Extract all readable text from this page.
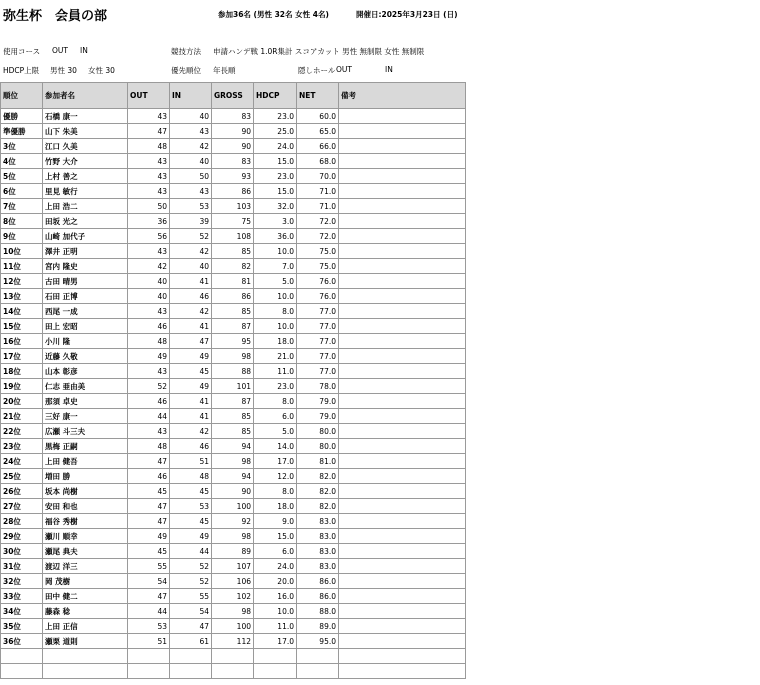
弥生杯　会員の部	参加36名 (男性 32名 女性 4名)	開催日:2025年3月23日 (日)
使用コース OUT IN	競技方法 申請ハンデ戦 1.0R集計 スコアカット 男性 無制限 女性 無制限
HDCP上限 男性 30 女性 30	優先順位 年長順	隠しホール OUT	IN
順位	参加者名	OUT	IN	GROSS	HDCP	NET	備考
優勝	石橋 康一	43	40	83	23.0	60.0	
準優勝	山下 朱美	47	43	90	25.0	65.0	
3位	江口 久美	48	42	90	24.0	66.0	
4位	竹野 大介	43	40	83	15.0	68.0	
5位	上村 善之	43	50	93	23.0	70.0	
6位	里見 敏行	43	43	86	15.0	71.0	
7位	上田 浩二	50	53	103	32.0	71.0	
8位	田坂 光之	36	39	75	3.0	72.0	
9位	山崎 加代子	56	52	108	36.0	72.0	
10位	澤井 正明	43	42	85	10.0	75.0	
11位	宮内 隆史	42	40	82	7.0	75.0	
12位	古田 晴男	40	41	81	5.0	76.0	
13位	石田 正博	40	46	86	10.0	76.0	
14位	西尾 一成	43	42	85	8.0	77.0	
15位	田上 宏昭	46	41	87	10.0	77.0	
16位	小川 隆	48	47	95	18.0	77.0	
17位	近藤 久敬	49	49	98	21.0	77.0	
18位	山本 彰彦	43	45	88	11.0	77.0	
19位	仁志 亜由美	52	49	101	23.0	78.0	
20位	那須 卓史	46	41	87	8.0	79.0	
21位	三好 康一	44	41	85	6.0	79.0	
22位	広瀬 斗三夫	43	42	85	5.0	80.0	
23位	黒梅 正嗣	48	46	94	14.0	80.0	
24位	上田 健吾	47	51	98	17.0	81.0	
25位	増田 勝	46	48	94	12.0	82.0	
26位	坂本 尚樹	45	45	90	8.0	82.0	
27位	安田 和也	47	53	100	18.0	82.0	
28位	福谷 秀樹	47	45	92	9.0	83.0	
29位	瀬川 順幸	49	49	98	15.0	83.0	
30位	瀬尾 典夫	45	44	89	6.0	83.0	
31位	渡辺 洋三	55	52	107	24.0	83.0	
32位	岡 茂樹	54	52	106	20.0	86.0	
33位	田中 健二	47	55	102	16.0	86.0	
34位	藤森 稔	44	54	98	10.0	88.0	
35位	上田 正信	53	47	100	11.0	89.0	
36位	瀬栗 道則	51	61	112	17.0	95.0	
